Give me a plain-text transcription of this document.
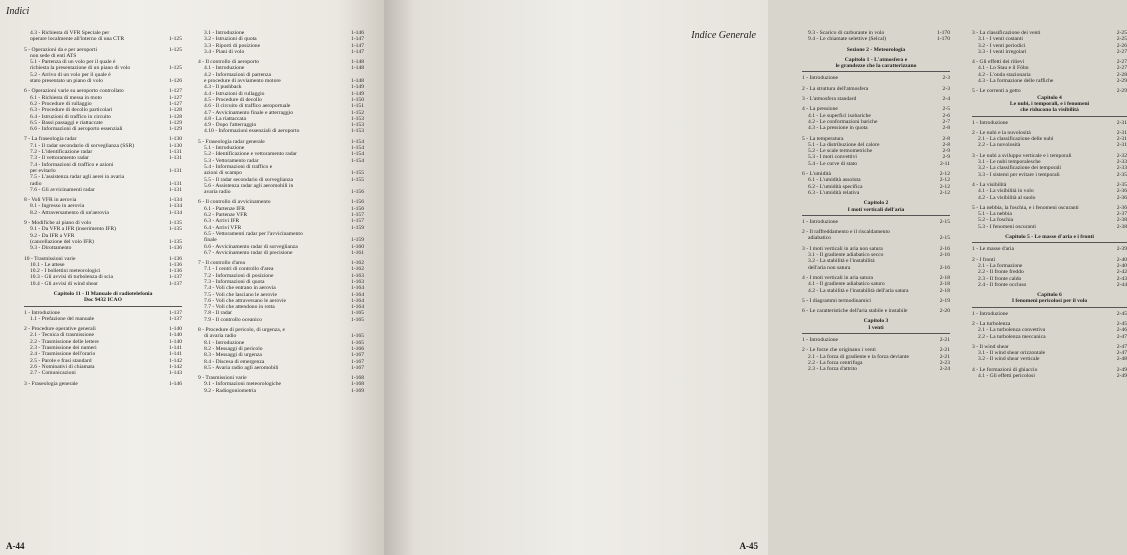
Indici
4.3 - Richiesta di VFR Speciale per
operare localmente all'interno di una CTR	1-125
5 - Operazioni da e per aeroporti	1-125
non sede di enti ATS
5.1 - Partenza di un volo per il quale è
richiesta la presentazione di un piano di volo	1-125
5.2 - Arrivo di un volo per il quale è
stato presentato un piano di volo	1-126
6 - Operazioni varie su aeroporto controllato	1-127
6.1 - Richiesta di messa in moto	1-127
6.2 - Procedure di rullaggio	1-127
6.3 - Procedure di decollo particolari	1-128
6.4 - Istruzioni di traffico in circuito	1-128
6.5 - Bassi passaggi e riattaccate	1-129
6.6 - Informazioni di aeroporto essenziali	1-129
7 - La fraseologia radar	1-130
7.1 - Il radar secondario di sorveglianza (SSR)	1-130
7.2 - L'identificazione radar	1-131
7.3 - Il vettoramento radar	1-131
7.4 - Informazioni di traffico e azioni
per evitarlo	1-131
7.5 - L'assistenza radar agli aerei in avaria
radio	1-131
7.6 - Gli avvicinamenti radar	1-131
8 - Voli VFR in aerovia	1-134
8.1 - Ingresso in aerovia	1-134
8.2 - Attraversamento di un'aerovia	1-134
9 - Modifiche al piano di volo	1-135
9.1 - Da VFR a IFR (inserimento IFR)	1-135
9.2 - Da IFR a VFR
(cancellazione del volo IFR)	1-135
9.3 - Dirottamento	1-136
10 - Trasmissioni varie	1-136
10.1 - Le attese	1-136
10.2 - I bollettini meteorologici	1-136
10.3 - Gli avvisi di turbolenza di scia	1-137
10.4 - Gli avvisi di wind shear	1-137
Capitolo 11 - Il Manuale di radiotelefonia
Doc 9432 ICAO
1 - Introduzione	1-137
1.1 - Prefazione del manuale	1-137
2 - Procedure operative generali	1-140
2.1 - Tecnica di trasmissione	1-140
2.2 - Trasmissione delle lettere	1-140
2.3 - Trasmissione dei numeri	1-141
2.4 - Trasmissione dell'orario	1-141
2.5 - Parole e frasi standard	1-142
2.6 - Nominativi di chiamata	1-142
2.7 - Comunicazioni	1-143
3 - Fraseologia generale	1-146
3.1 - Introduzione	1-146
3.2 - Istruzioni di quota	1-147
3.3 - Riporti di posizione	1-147
3.4 - Piani di volo	1-147
4 - Il controllo di aeroporto	1-148
4.1 - Introduzione	1-148
4.2 - Informazioni di partenza
e procedure di avviamento motore	1-148
4.3 - Il pushback	1-149
4.4 - Istruzioni di rullaggio	1-149
4.5 - Procedure di decollo	1-150
4.6 - Il circuito di traffico aeroportuale	1-151
4.7 - Avvicinamento finale e atterraggio	1-152
4.8 - La riattaccata	1-153
4.9 - Dopo l'atterraggio	1-153
4.10 - Informazioni essenziali di aeroporto	1-153
5 - Fraseologia radar generale	1-154
5.1 - Introduzione	1-154
5.2 - Identificazione e vettoramento radar	1-154
5.3 - Vettoramento radar	1-154
5.4 - Informazioni di traffico e
azioni di scampo	1-155
5.5 - Il radar secondario di sorveglianza	1-155
5.6 - Assistenza radar agli aeromobili in
avaria radio	1-156
6 - Il controllo di avvicinamento	1-156
6.1 - Partenze IFR	1-156
6.2 - Partenze VFR	1-157
6.3 - Arrivi IFR	1-157
6.4 - Arrivi VFR	1-159
6.5 - Vettoramenti radar per l'avvicinamento
finale	1-159
6.6 - Avvicinamento radar di sorveglianza	1-160
6.7 - Avvicinamento radar di precisione	1-161
7 - Il controllo d'area	1-162
7.1 - I centri di controllo d'area	1-162
7.2 - Informazioni di posizione	1-163
7.3 - Informazioni di quota	1-163
7.4 - Voli che entrano in aerovia	1-164
7.5 - Voli che lasciano le aerovie	1-164
7.6 - Voli che attraversano le aerovie	1-164
7.7 - Voli che attendono in rotta	1-164
7.8 - Il radar	1-165
7.9 - Il controllo oceanico	1-165
8 - Procedure di pericolo, di urgenza, e
di avaria radio	1-165
8.1 - Introduzione	1-165
8.2 - Messaggi di pericolo	1-166
8.3 - Messaggi di urgenza	1-167
8.4 - Discesa di emergenza	1-167
8.5 - Avaria radio agli aeromobili	1-167
9 - Trasmissioni varie	1-168
9.1 - Informazioni meteorologiche	1-168
9.2 - Radiogoniometria	1-169
A-44
Indice Generale	9.3 - Scarico di carburante in volo	1-170
9.4 - Le chiamate selettive (Selcal)	1-170
Sezione 2 - Meteorologia
Capitolo 1 - L'atmosfera e
le grandezze che la caratterizzano
1 - Introduzione	2-3
2 - La struttura dell'atmosfera	2-3
3 - L'atmosfera standard	2-4
4 - La pressione	2-5
4.1 - Le superfici isobariche	2-6
4.2 - Le conformazioni bariche	2-7
4.3 - La pressione in quota	2-8
5 - La temperatura	2-8
5.1 - La distribuzione del calore	2-8
5.2 - Le scale termometriche	2-9
5.3 - I moti convettivi	2-9
5.4 - Le curve di stato	2-11
6 - L'umidità	2-12
6.1 - L'umidità assoluta	2-12
6.2 - L'umidità specifica	2-12
6.3 - L'umidità relativa	2-12
Capitolo 2
I moti verticali dell'aria
1 - Introduzione	2-15
2 - Il raffreddamento e il riscaldamento
adiabatico	2-15
3 - I moti verticali in aria non satura	2-16
3.1 - Il gradiente adiabatico secco	2-16
3.2 - La stabilità e l'instabilità
dell'aria non satura	2-16
4 - I moti verticali in aria satura	2-18
4.1 - Il gradiente adiabatico saturo	2-18
4.2 - La stabilità e l'instabilità dell'aria satura	2-18
5 - I diagrammi termodinamici	2-19
6 - Le caratteristiche dell'aria stabile e instabile	2-20
Capitolo 3
I venti
1 - Introduzione	2-21
2 - Le forze che originano i venti	2-21
2.1 - La forza di gradiente e la forza deviante	2-21
2.2 - La forza centrifuga	2-23
2.3 - La forza d'attrito	2-24
3 - La classificazione dei venti	2-25
3.1 - I venti costanti	2-25
3.2 - I venti periodici	2-26
3.3 - I venti irregolari	2-27
4 - Gli effetti dei rilievi	2-27
4.1 - Lo Stau e il Föhn	2-27
4.2 - L'onda stazionaria	2-28
4.3 - La formazione delle raffiche	2-29
5 - Le correnti a getto	2-29
Capitolo 4
Le nubi, i temporali, e i fenomeni
che riducono la visibilità
1 - Introduzione	2-31
2 - Le nubi e la nuvolosità	2-31
2.1 - La classificazione delle nubi	2-31
2.2 - La nuvolosità	2-31
3 - Le nubi a sviluppo verticale e i temporali	2-32
3.1 - Le nubi temporalesche	2-33
3.2 - La classificazione dei temporali	2-33
3.3 - I sistemi per evitare i temporali	2-35
4 - La visibilità	2-35
4.1 - La visibilità in volo	2-36
4.2 - La visibilità al suolo	2-36
5 - La nebbia, la foschia, e i fenomeni oscuranti	2-36
5.1 - La nebbia	2-37
5.2 - La foschia	2-38
5.3 - I fenomeni oscuranti	2-38
Capitolo 5 - Le masse d'aria e i fronti
1 - Le masse d'aria	2-39
2 - I fronti	2-40
2.1 - La formazione	2-40
2.2 - Il fronte freddo	2-42
2.3 - Il fronte caldo	2-43
2.4 - Il fronte occluso	2-44
Capitolo 6
I fenomeni pericolosi per il volo
1 - Introduzione	2-45
2 - La turbolenza	2-45
2.1 - La turbolenza convettiva	2-46
2.2 - La turbolenza meccanica	2-47
3 - Il wind shear	2-47
3.1 - Il wind shear orizzontale	2-47
3.2 - Il wind shear verticale	2-48
4 - Le formazioni di ghiaccio	2-49
4.1 - Gli effetti pericolosi	2-49
A-45
